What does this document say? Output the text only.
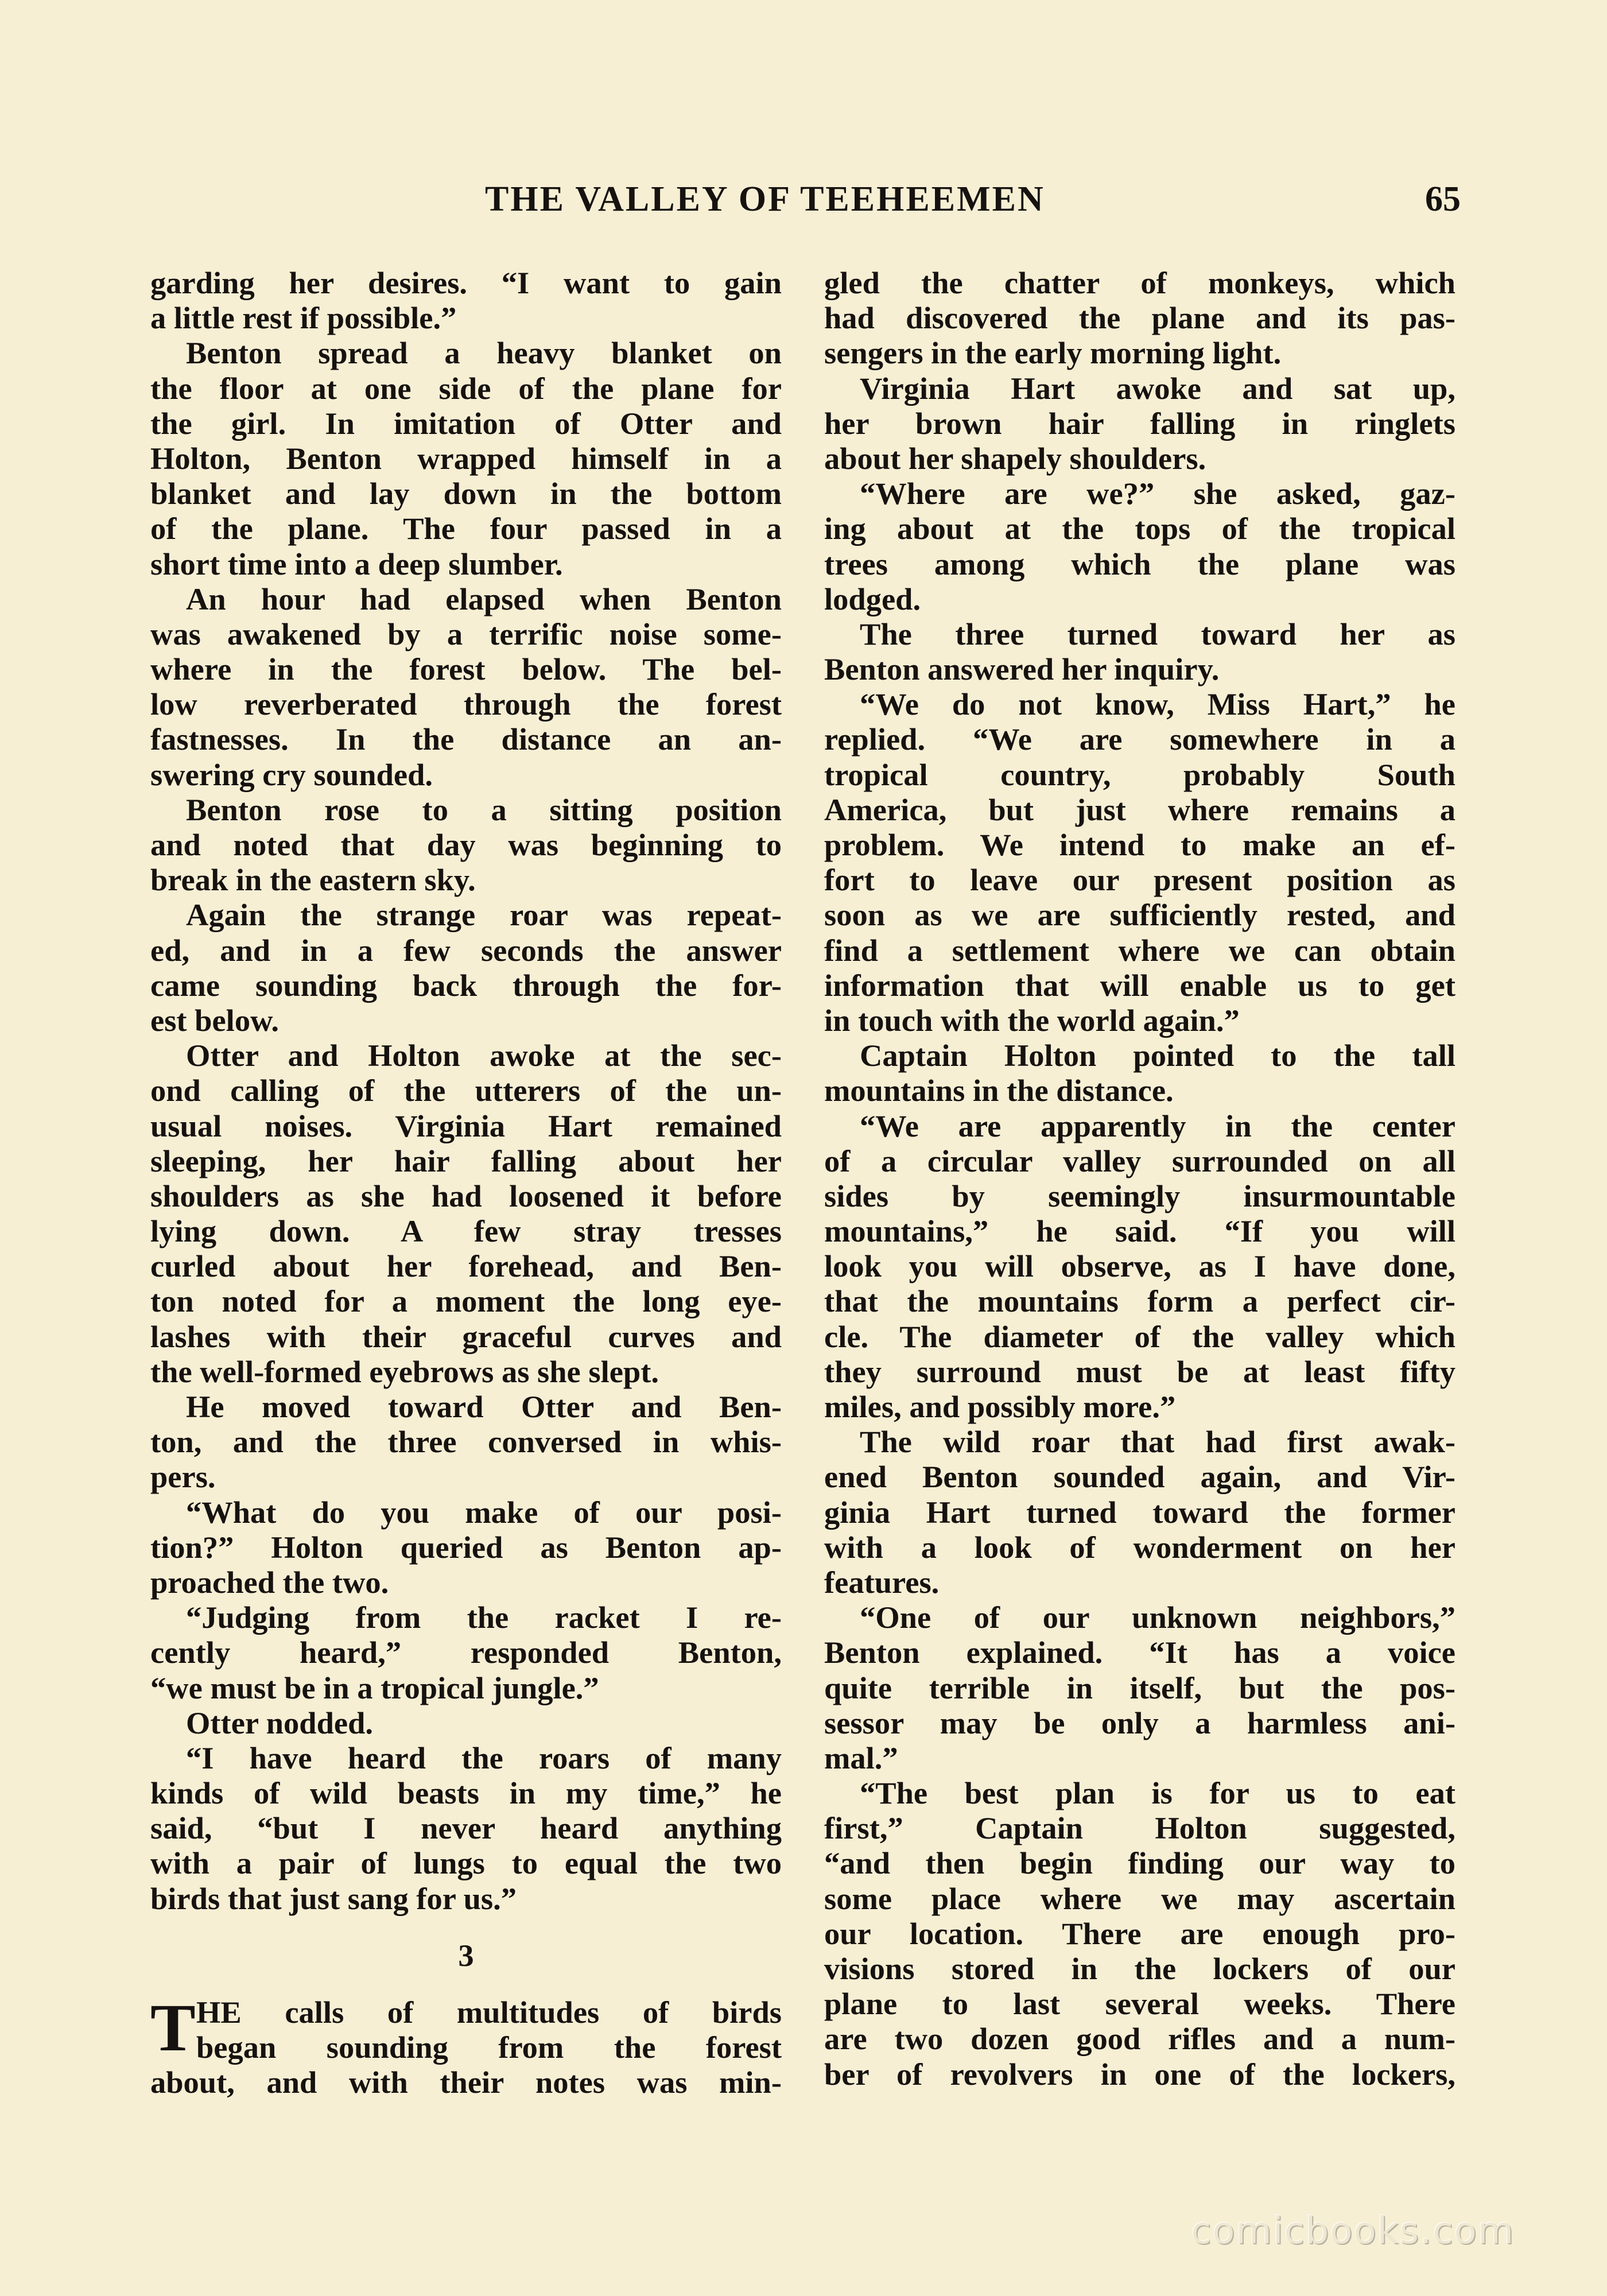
THE VALLEY OF TEEHEEMEN	65
garding her desires. “I want to gain
a little rest if possible.”
Benton spread a heavy blanket on
the floor at one side of the plane for
the girl. In imitation of Otter and
Holton, Benton wrapped himself in a
blanket and lay down in the bottom
of the plane. The four passed in a
short time into a deep slumber.
An hour had elapsed when Benton
was awakened by a terrific noise some-
where in the forest below. The bel-
low reverberated through the forest
fastnesses. In the distance an an-
swering cry sounded.
Benton rose to a sitting position
and noted that day was beginning to
break in the eastern sky.
Again the strange roar was repeat-
ed, and in a few seconds the answer
came sounding back through the for-
est below.
Otter and Holton awoke at the sec-
ond calling of the utterers of the un-
usual noises. Virginia Hart remained
sleeping, her hair falling about her
shoulders as she had loosened it before
lying down. A few stray tresses
curled about her forehead, and Ben-
ton noted for a moment the long eye-
lashes with their graceful curves and
the well-formed eyebrows as she slept.
He moved toward Otter and Ben-
ton, and the three conversed in whis-
pers.
“What do you make of our posi-
tion?” Holton queried as Benton ap-
proached the two.
“Judging from the racket I re-
cently heard,” responded Benton,
“we must be in a tropical jungle.”
Otter nodded.
“I have heard the roars of many
kinds of wild beasts in my time,” he
said, “but I never heard anything
with a pair of lungs to equal the two
birds that just sang for us.”
3
T HE calls of multitudes of birds
began sounding from the forest
about, and with their notes was min-
gled the chatter of monkeys, which
had discovered the plane and its pas-
sengers in the early morning light.
Virginia Hart awoke and sat up,
her brown hair falling in ringlets
about her shapely shoulders.
“Where are we?” she asked, gaz-
ing about at the tops of the tropical
trees among which the plane was
lodged.
The three turned toward her as
Benton answered her inquiry.
“We do not know, Miss Hart,” he
replied. “We are somewhere in a
tropical country, probably South
America, but just where remains a
problem. We intend to make an ef-
fort to leave our present position as
soon as we are sufficiently rested, and
find a settlement where we can obtain
information that will enable us to get
in touch with the world again.”
Captain Holton pointed to the tall
mountains in the distance.
“We are apparently in the center
of a circular valley surrounded on all
sides by seemingly insurmountable
mountains,” he said. “If you will
look you will observe, as I have done,
that the mountains form a perfect cir-
cle. The diameter of the valley which
they surround must be at least fifty
miles, and possibly more.”
The wild roar that had first awak-
ened Benton sounded again, and Vir-
ginia Hart turned toward the former
with a look of wonderment on her
features.
“One of our unknown neighbors,”
Benton explained. “It has a voice
quite terrible in itself, but the pos-
sessor may be only a harmless ani-
mal.”
“The best plan is for us to eat
first,” Captain Holton suggested,
“and then begin finding our way to
some place where we may ascertain
our location. There are enough pro-
visions stored in the lockers of our
plane to last several weeks. There
are two dozen good rifles and a num-
ber of revolvers in one of the lockers,
comicbooks.com
